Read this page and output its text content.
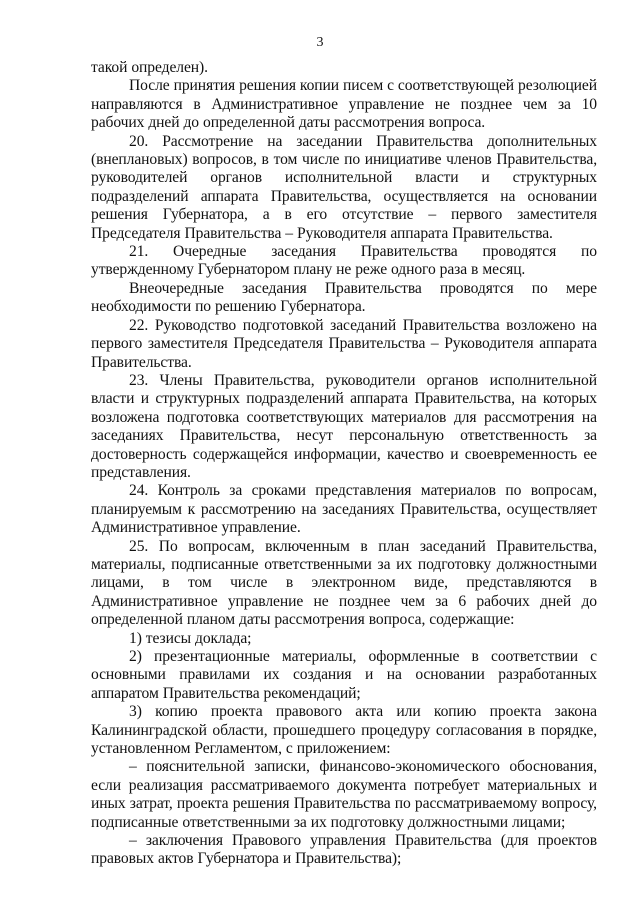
3

такой определен).

После принятия решения копии писем с соответствующей резолюцией направляются в Административное управление не позднее чем за 10 рабочих дней до определенной даты рассмотрения вопроса.

20. Рассмотрение на заседании Правительства дополнительных (внеплановых) вопросов, в том числе по инициативе членов Правительства, руководителей органов исполнительной власти и структурных подразделений аппарата Правительства, осуществляется на основании решения Губернатора, а в его отсутствие – первого заместителя Председателя Правительства – Руководителя аппарата Правительства.

21. Очередные заседания Правительства проводятся по утвержденному Губернатором плану не реже одного раза в месяц.

Внеочередные заседания Правительства проводятся по мере необходимости по решению Губернатора.

22. Руководство подготовкой заседаний Правительства возложено на первого заместителя Председателя Правительства – Руководителя аппарата Правительства.

23. Члены Правительства, руководители органов исполнительной власти и структурных подразделений аппарата Правительства, на которых возложена подготовка соответствующих материалов для рассмотрения на заседаниях Правительства, несут персональную ответственность за достоверность содержащейся информации, качество и своевременность ее представления.

24. Контроль за сроками представления материалов по вопросам, планируемым к рассмотрению на заседаниях Правительства, осуществляет Административное управление.

25. По вопросам, включенным в план заседаний Правительства, материалы, подписанные ответственными за их подготовку должностными лицами, в том числе в электронном виде, представляются в Административное управление не позднее чем за 6 рабочих дней до определенной планом даты рассмотрения вопроса, содержащие:

1) тезисы доклада;

2) презентационные материалы, оформленные в соответствии с основными правилами их создания и на основании разработанных аппаратом Правительства рекомендаций;

3) копию проекта правового акта или копию проекта закона Калининградской области, прошедшего процедуру согласования в порядке, установленном Регламентом, с приложением:

– пояснительной записки, финансово-экономического обоснования, если реализация рассматриваемого документа потребует материальных и иных затрат, проекта решения Правительства по рассматриваемому вопросу, подписанные ответственными за их подготовку должностными лицами;

– заключения Правового управления Правительства (для проектов правовых актов Губернатора и Правительства);
